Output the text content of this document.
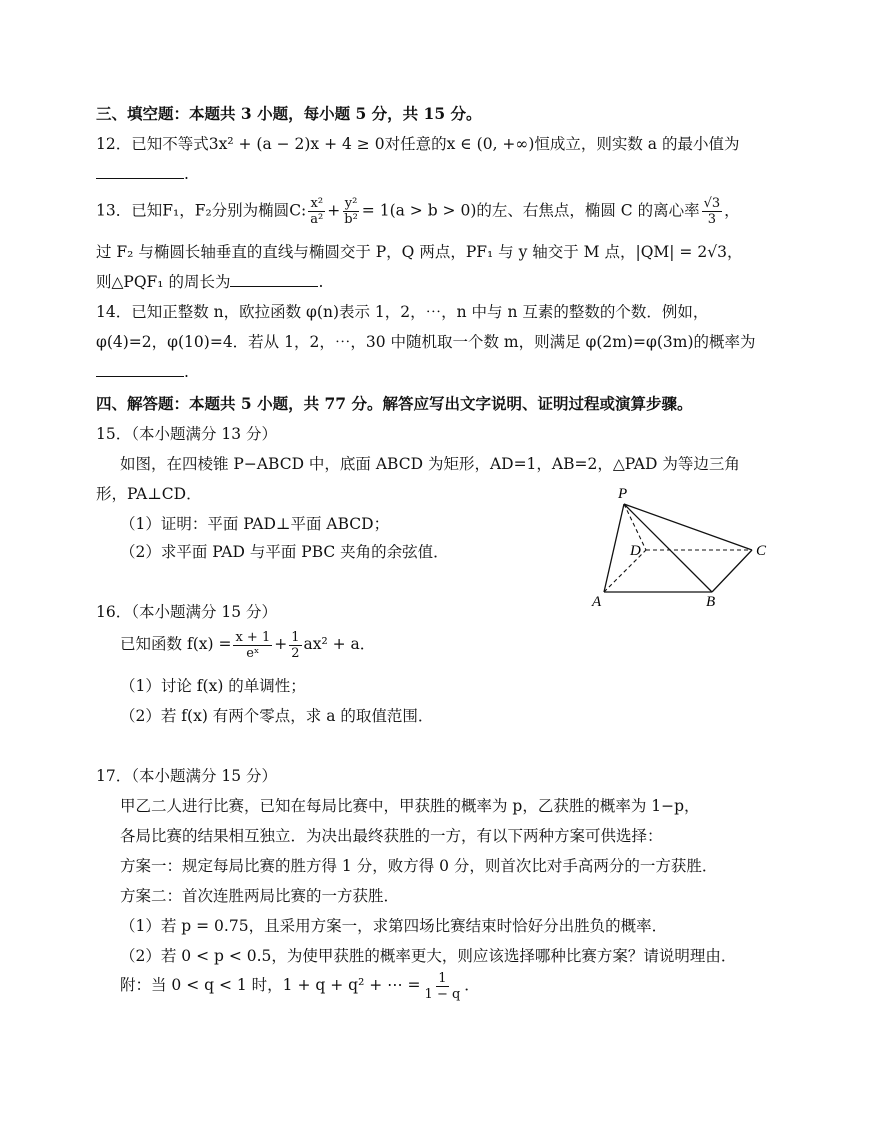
三、填空题：本题共 3 小题，每小题 5 分，共 15 分。
12．已知不等式3x² + (a − 2)x + 4 ≥ 0对任意的x ∈ (0, +∞)恒成立，则实数 a 的最小值为
.
13．已知F₁，F₂分别为椭圆C: $\frac{\text{x²}}{\text{a²}} + \frac{\text{y²}}{\text{b²}} = 1(a > b > 0)$的左、右焦点，椭圆 C 的离心率 $\frac{√3}{3}$ ，
过 F₂ 与椭圆长轴垂直的直线与椭圆交于 P，Q 两点，PF₁ 与 y 轴交于 M 点，|QM| = 2√3，
则△PQF₁ 的周长为	.
14．已知正整数 n，欧拉函数 φ(n)表示 1，2，⋯，n 中与 n 互素的整数的个数．例如，
φ(4)=2，φ(10)=4．若从 1，2，⋯，30 中随机取一个数 m，则满足 φ(2m)=φ(3m)的概率为
.
四、解答题：本题共 5 小题，共 77 分。解答应写出文字说明、证明过程或演算步骤。
15．（本小题满分 13 分）
如图，在四棱锥 P−ABCD 中，底面 ABCD 为矩形，AD=1，AB=2，△PAD 为等边三角
形，PA⊥CD．
（1）证明：平面 PAD⊥平面 ABCD；
（2）求平面 PAD 与平面 PBC 夹角的余弦值．
P
A	B
C
D
16．（本小题满分 15 分）
已知函数 $f(x) = \frac{x + 1}{\text{eˣ}} + \frac{1}{2} ax^2 + a$．
（1）讨论 f(x) 的单调性；
（2）若 f(x) 有两个零点，求 a 的取值范围．
17．（本小题满分 15 分）
甲乙二人进行比赛，已知在每局比赛中，甲获胜的概率为 p，乙获胜的概率为 1−p，
各局比赛的结果相互独立．为决出最终获胜的一方，有以下两种方案可供选择：
方案一：规定每局比赛的胜方得 1 分，败方得 0 分，则首次比对手高两分的一方获胜．
方案二：首次连胜两局比赛的一方获胜．
（1）若 p = 0.75，且采用方案一，求第四场比赛结束时恰好分出胜负的概率．
（2）若 0 < p < 0.5，为使甲获胜的概率更大，则应该选择哪种比赛方案？请说明理由．
附：当 0 < q < 1 时，1 + q + q² + ⋯ = $\frac{1}{1 - q}$ ．
